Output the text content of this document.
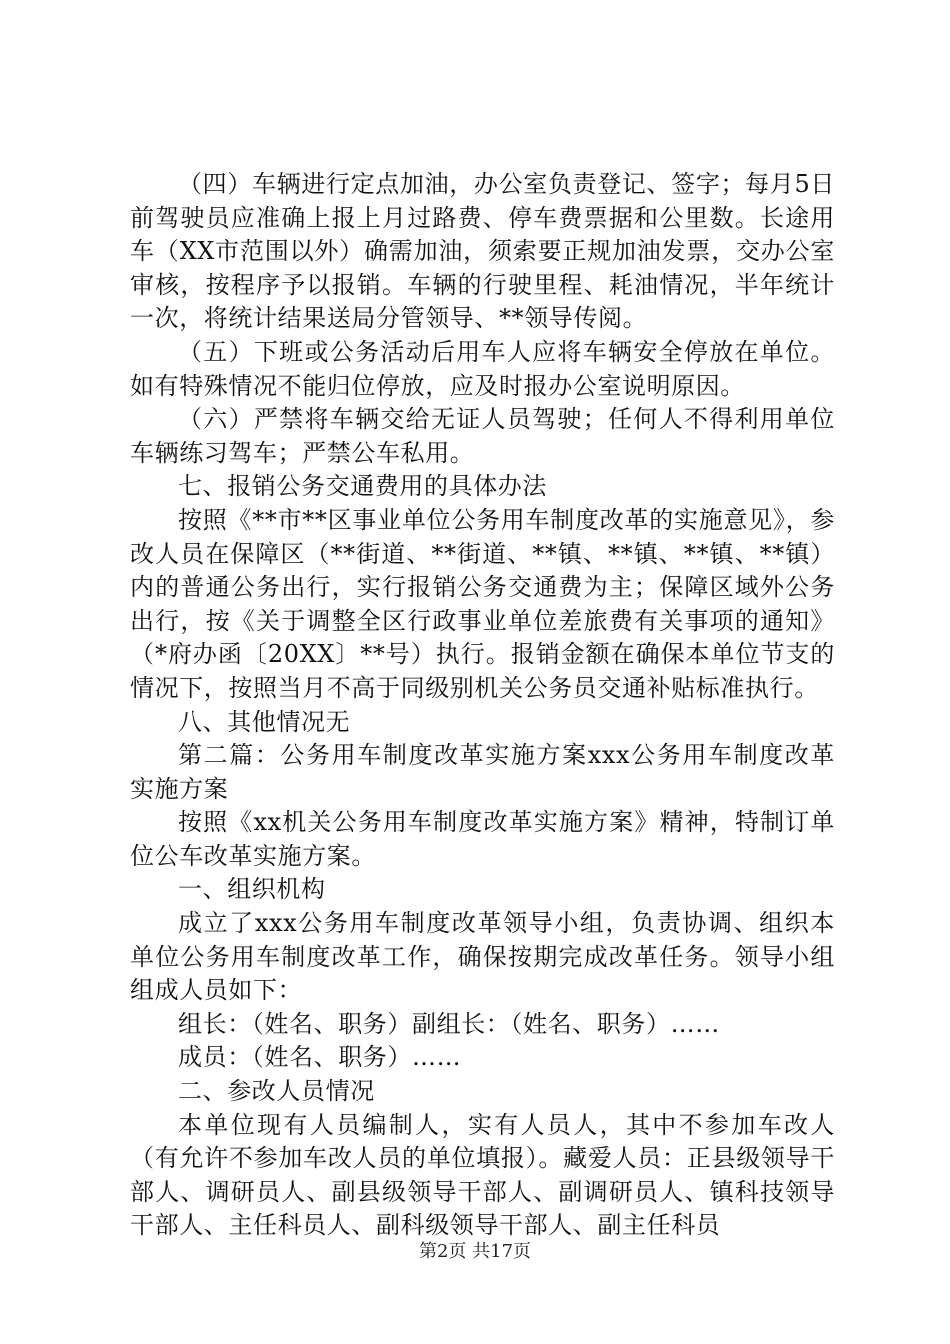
（四）车辆进行定点加油，办公室负责登记、签字；每月5日前驾驶员应准确上报上月过路费、停车费票据和公里数。长途用车（XX市范围以外）确需加油，须索要正规加油发票，交办公室审核，按程序予以报销。车辆的行驶里程、耗油情况，半年统计一次，将统计结果送局分管领导、**领导传阅。

（五）下班或公务活动后用车人应将车辆安全停放在单位。如有特殊情况不能归位停放，应及时报办公室说明原因。

（六）严禁将车辆交给无证人员驾驶；任何人不得利用单位车辆练习驾车；严禁公车私用。

七、报销公务交通费用的具体办法

按照《**市**区事业单位公务用车制度改革的实施意见》，参改人员在保障区（**街道、**街道、**镇、**镇、**镇、**镇）内的普通公务出行，实行报销公务交通费为主；保障区域外公务出行，按《关于调整全区行政事业单位差旅费有关事项的通知》（*府办函〔20XX〕**号）执行。报销金额在确保本单位节支的情况下，按照当月不高于同级别机关公务员交通补贴标准执行。

八、其他情况无

第二篇：公务用车制度改革实施方案xxx公务用车制度改革实施方案

按照《xx机关公务用车制度改革实施方案》精神，特制订单位公车改革实施方案。

一、组织机构

成立了xxx公务用车制度改革领导小组，负责协调、组织本单位公务用车制度改革工作，确保按期完成改革任务。领导小组组成人员如下：

组长：（姓名、职务）副组长：（姓名、职务）……

成员：（姓名、职务）……

二、参改人员情况

本单位现有人员编制人，实有人员人，其中不参加车改人（有允许不参加车改人员的单位填报）。藏爱人员：正县级领导干部人、调研员人、副县级领导干部人、副调研员人、镇科技领导干部人、主任科员人、副科级领导干部人、副主任科员

第2页 共17页
